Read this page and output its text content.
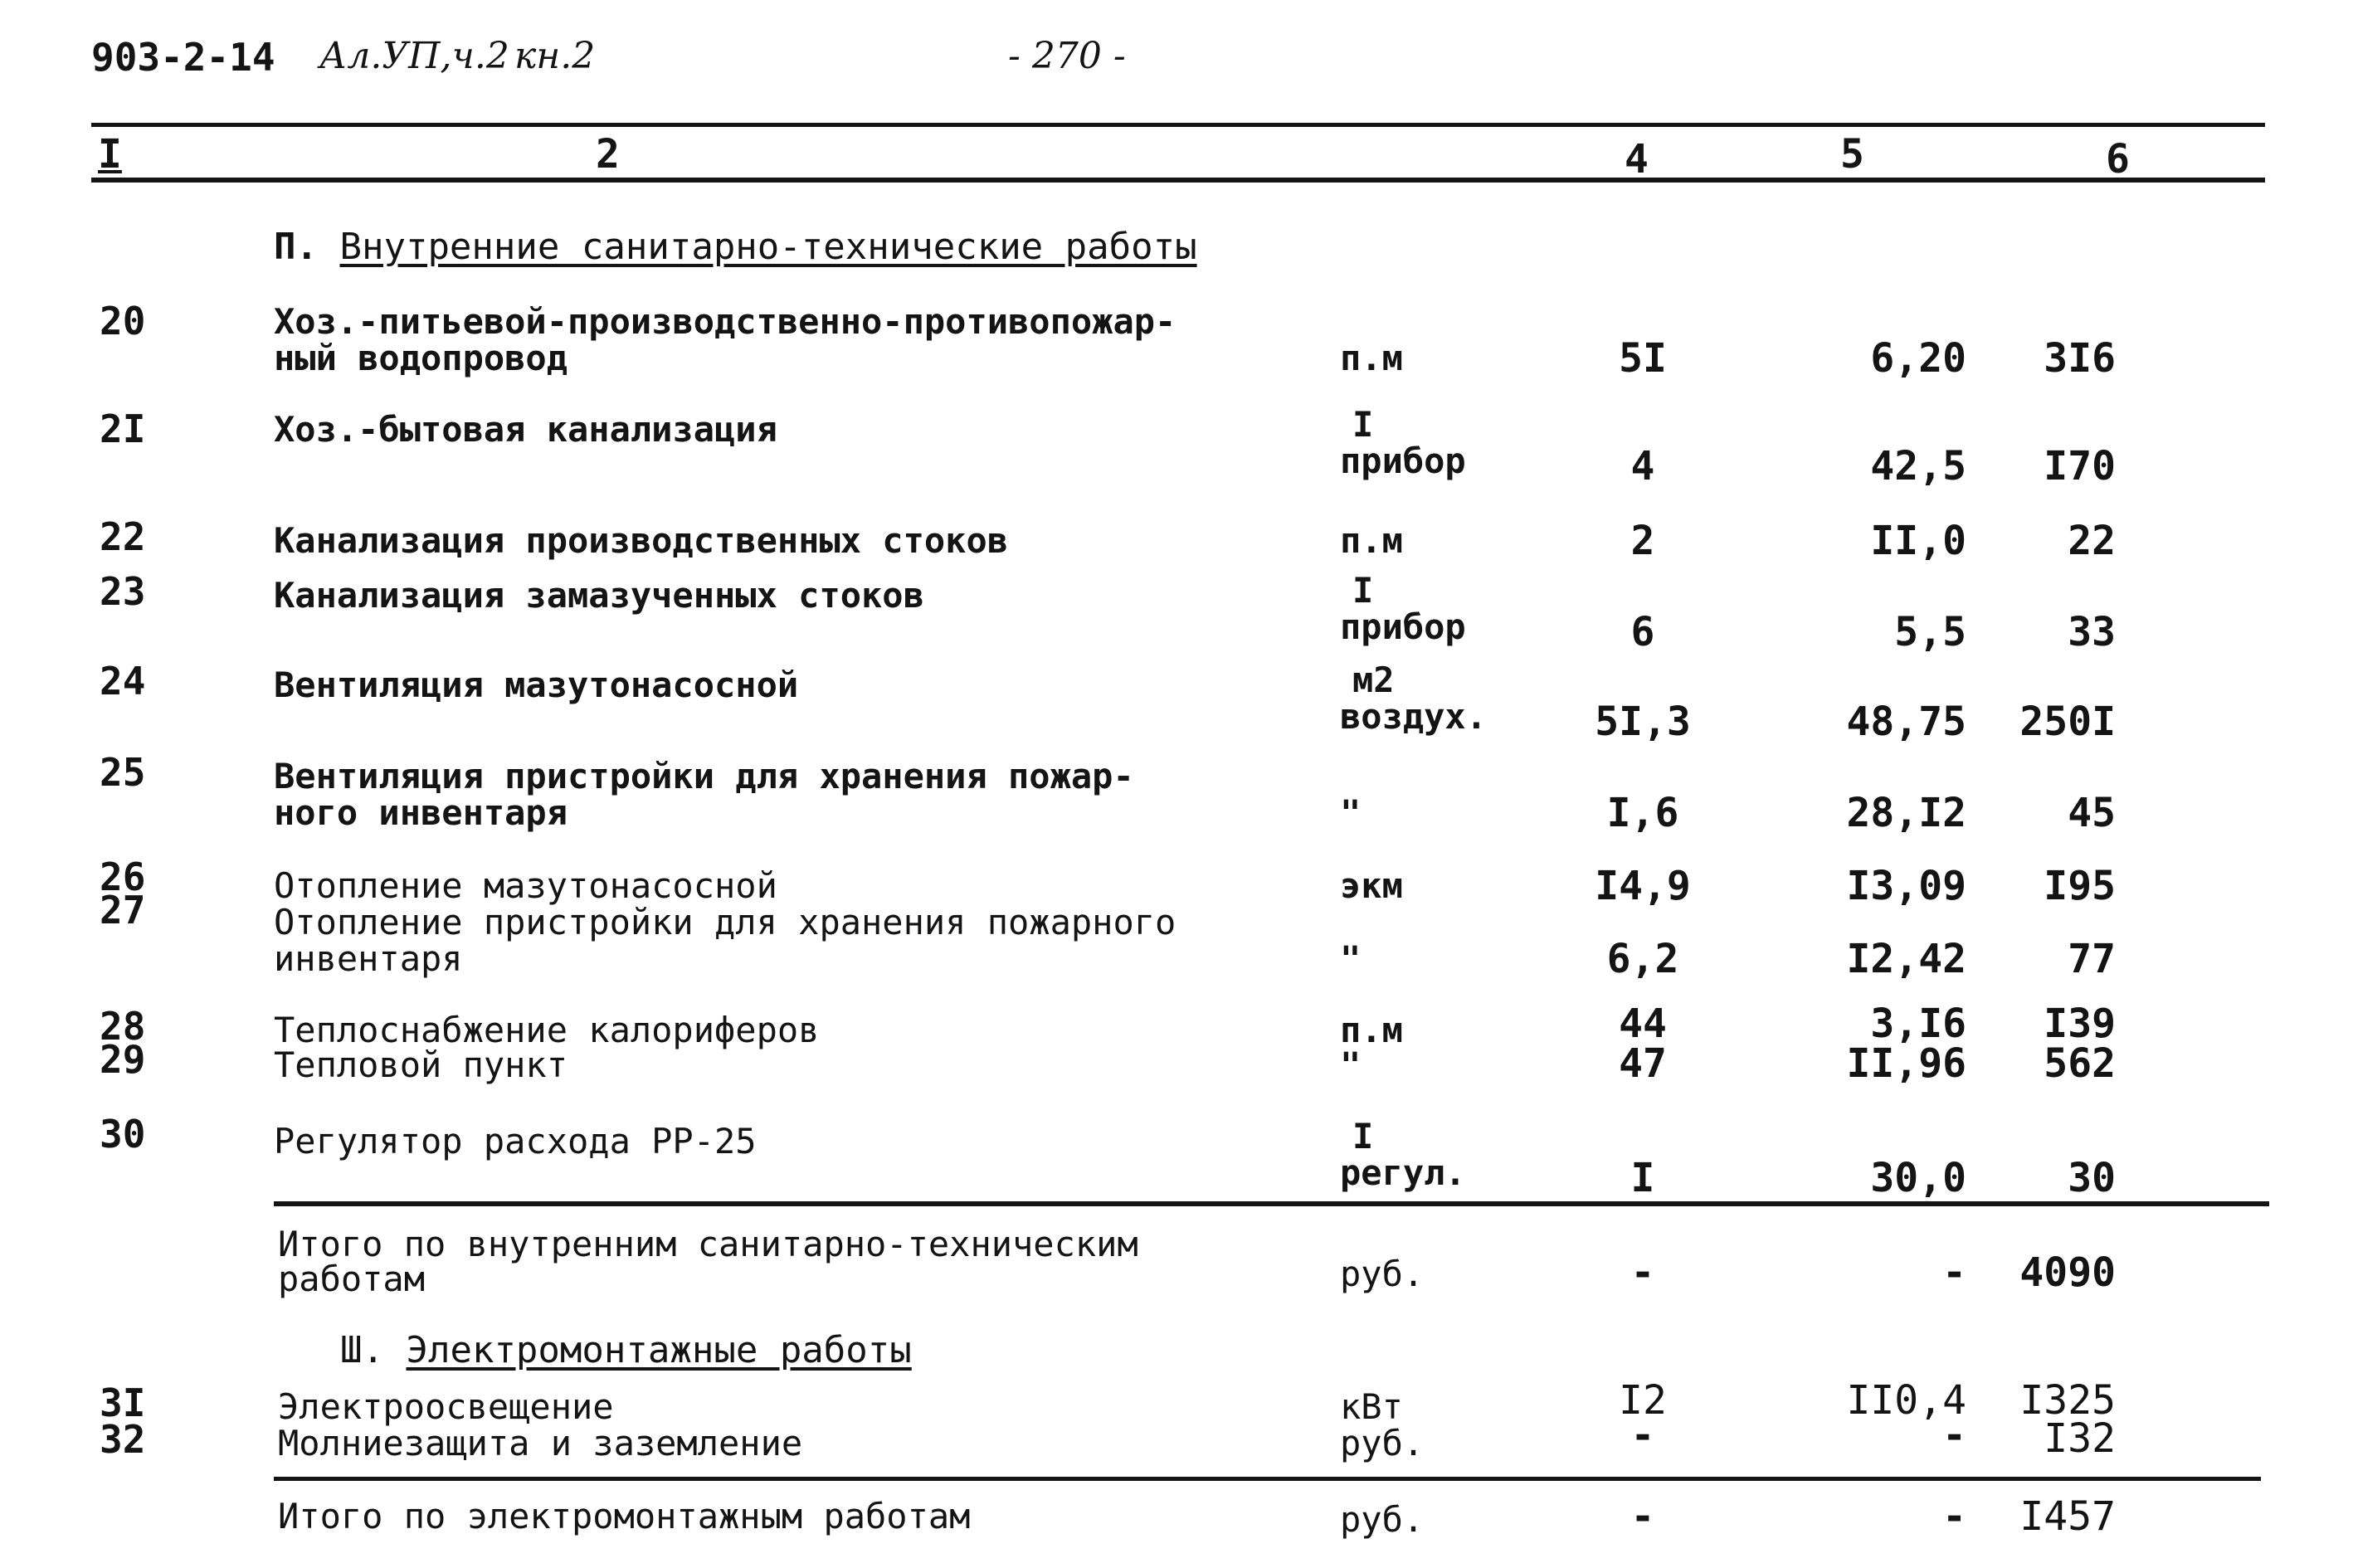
903-2-14 Ал.УП,ч.2 кн.2	- 270 -
I	2	4	5	6
П. Внутренние санитарно-технические работы
20	Хоз.-питьевой-производственно-противопожар-
ный водопровод	п.м	5I	6,20	3I6
2I	Хоз.-бытовая канализация	I
прибор	4	42,5	I70
22	Канализация производственных стоков	п.м	2	II,0	22
23	Канализация замазученных стоков	I
прибор	6	5,5	33
24	Вентиляция мазутонасосной	м2
воздух.	5I,3	48,75	250I
25	Вентиляция пристройки для хранения пожар-
ного инвентаря	"	I,6	28,I2	45
26	Отопление мазутонасосной	экм	I4,9	I3,09	I95
27	Отопление пристройки для хранения пожарного
инвентаря	"	6,2	I2,42	77
28	Теплоснабжение калориферов	п.м	44	3,I6	I39
29	Тепловой пункт	"	47	II,96	562
30	Регулятор расхода РР-25	I
регул.	I	30,0	30
Итого по внутренним санитарно-техническим
работам	руб.	-	-	4090
Ш. Электромонтажные работы
3I	Электроосвещение	кВт	I2	II0,4	I325
32	Молниезащита и заземление	руб.	-	-	I32
Итого по электромонтажным работам	руб.	-	-	I457
